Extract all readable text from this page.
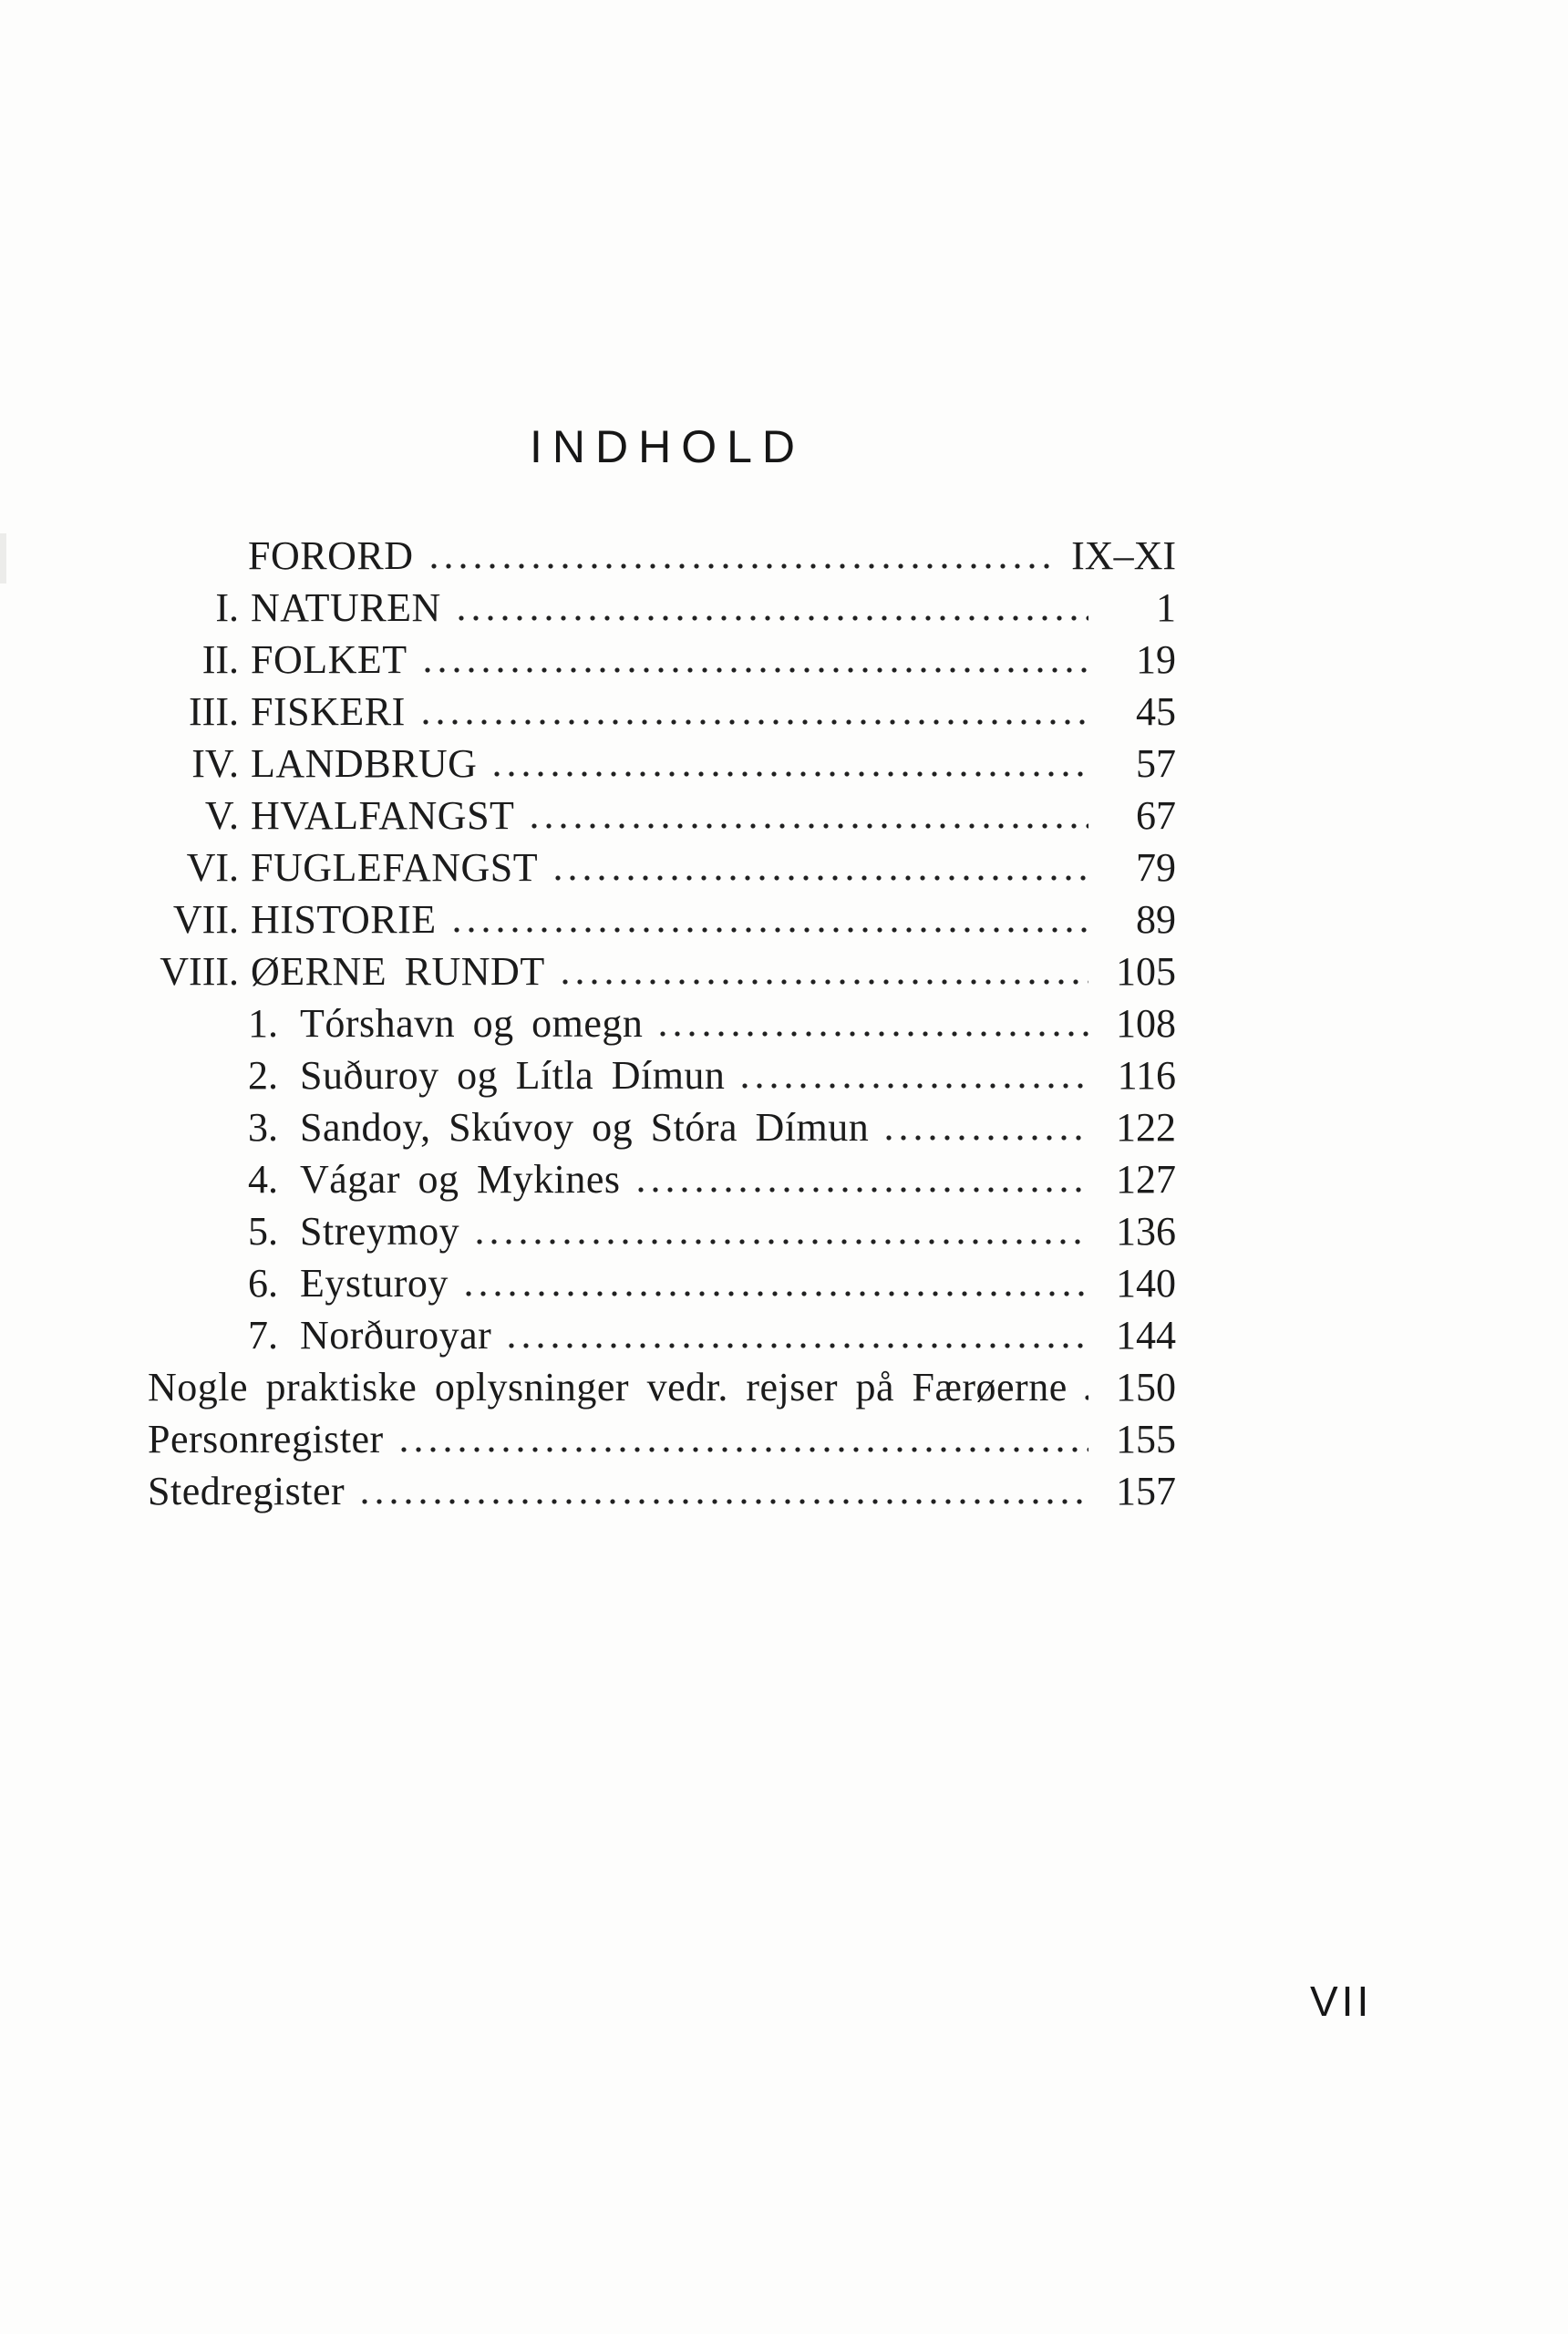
INDHOLD
FORORD	IX–XI
I. NATUREN	1
II. FOLKET	19
III. FISKERI	45
IV. LANDBRUG	57
V. HVALFANGST	67
VI. FUGLEFANGST	79
VII. HISTORIE	89
VIII. ØERNE RUNDT	105
1. Tórshavn og omegn	108
2. Suðuroy og Lítla Dímun	116
3. Sandoy, Skúvoy og Stóra Dímun	122
4. Vágar og Mykines	127
5. Streymoy	136
6. Eysturoy	140
7. Norðuroyar	144
Nogle praktiske oplysninger vedr. rejser på Færøerne	150
Personregister	155
Stedregister	157
VII
